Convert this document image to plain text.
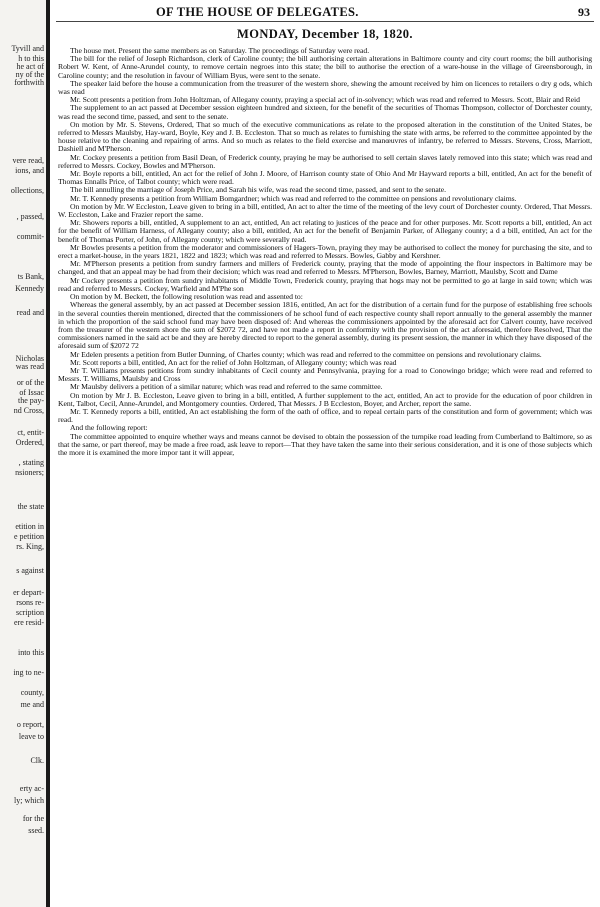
Tyvill and
h to this
he act of
ny of the
forthwith
vere read,
ions, and
ollections,
, passed,
commit-
ts Bank,
Kennedy
read and
Nicholas
was read
or of the
of Issac
the pay-
nd Cross,
ct, entit-
Ordered,
, stating
nsioners;
the state
etition in
e petition
rs. King,
s against
er depart-
rsons re-
scription
ere resid-
into this
ing to ne-
county,
me and
o report,
leave to
Clk.
erty ac-
ly; which
for the
ssed.
OF THE HOUSE OF DELEGATES.	93
MONDAY, December 18, 1820.

The house met. Present the same members as on Saturday. The proceedings of Saturday were read.

The bill for the relief of Joseph Richardson, clerk of Caroline county; the bill authorising certain alterations in Baltimore county and city court rooms; the bill authorising Robert W. Kent, of Anne-Arundel county, to remove certain negroes into this state; the bill to authorise the erection of a ware-house in the village of Greensborough, in Caroline county; and the resolution in favour of William Byus, were sent to the senate.

The speaker laid before the house a communication from the treasurer of the western shore, shewing the amount received by him on licences to retailers o dry g ods, which was read

Mr. Scott presents a petition from John Holtzman, of Allegany county, praying a special act of in-solvency; which was read and referred to Messrs. Scott, Blair and Reid

The supplement to an act passed at December session eighteen hundred and sixteen, for the benefit of the securities of Thomas Thompson, collector of Dorchester county, was read the second time, passed, and sent to the senate.

On motion by Mr. S. Stevens, Ordered, That so much of the executive communications as relate to the proposed alteration in the constitution of the United States, be referred to Messrs Maulsby, Hay-ward, Boyle, Key and J. B. Eccleston. That so much as relates to furnishing the state with arms, be referred to the committee appointed by the house relative to the cleaning and repairing of arms. And so much as relates to the field exercise and manœuvres of infantry, be referred to Messrs. Stevens, Cross, Marriott, Dashiell and M'Pherson.

Mr. Cockey presents a petition from Basil Dean, of Frederick county, praying he may be authorised to sell certain slaves lately removed into this state; which was read and referred to Messrs. Cockey, Bowles and M'Pherson.

Mr. Boyle reports a bill, entitled, An act for the relief of John J. Moore, of Harrison county state of Ohio And Mr Hayward reports a bill, entitled, An act for the benefit of Thomas Ennalls Price, of Talbot county; which were read.

The bill annulling the marriage of Joseph Price, and Sarah his wife, was read the second time, passed, and sent to the senate.

Mr. T. Kennedy presents a petition from William Bomgardner; which was read and referred to the committee on pensions and revolutionary claims.

On motion by Mr. W Eccleston, Leave given to bring in a bill, entitled, An act to alter the time of the meeting of the levy court of Dorchester county. Ordered, That Messrs. W. Eccleston, Lake and Frazier report the same.

Mr. Showers reports a bill, entitled, A supplement to an act, entitled, An act relating to justices of the peace and for other purposes. Mr. Scott reports a bill, entitled, An act for the benefit of William Harness, of Allegany county; also a bill, entitled, An act for the benefit of Benjamin Parker, of Allegany county; a d a bill, entitled, An act for the benefit of Thomas Porter, of John, of Allegany county; which were severally read.

Mr Bowles presents a petition from the moderator and commissioners of Hagers-Town, praying they may be authorised to collect the money for purchasing the site, and to erect a market-house, in the years 1821, 1822 and 1823; which was read and referred to Messrs. Bowles, Gabby and Kershner.

Mr. M'Pherson presents a petition from sundry farmers and millers of Frederick county, praying that the mode of appointing the flour inspectors in Baltimore may be changed, and that an appeal may be had from their decision; which was read and referred to Messrs. M'Pherson, Bowles, Barney, Marriott, Maulsby, Scott and Dame

Mr Cockey presents a petition from sundry inhabitants of Middle Town, Frederick county, praying that hogs may not be permitted to go at large in said town; which was read and referred to Messrs. Cockey, Warfield and M'Phe son

On motion by M. Beckett, the following resolution was read and assented to:

Whereas the general assembly, by an act passed at December session 1816, entitled, An act for the distribution of a certain fund for the purpose of establishing free schools in the several counties therein mentioned, directed that the commissioners of he school fund of each respective county shall report annually to the general assembly the manner in which the proportion of the said school fund may have been disposed of: And whereas the commissioners appointed by the aforesaid act for Calvert county, have received from the treasurer of the western shore the sum of $2072 72, and have not made a report in conformity with the provision of the act aforesaid, therefore Resolved, That the commissioners named in the said act be and they are hereby directed to report to the general assembly, during its present session, the manner in which they have disposed of the aforesaid sum of $2072 72

Mr Edelen presents a petition from Butler Dunning, of Charles county; which was read and referred to the committee on pensions and revolutionary claims.

Mr. Scott reports a bill, entitled, An act for the relief of John Holtzman, of Allegany county; which was read

Mr T. Williams presents petitions from sundry inhabitants of Cecil county and Pennsylvania, praying for a road to Conowingo bridge; which were read and referred to Messrs. T. Williams, Maulsby and Cross

Mr Maulsby delivers a petition of a similar nature; which was read and referred to the same committee.

On motion by Mr J. B. Eccleston, Leave given to bring in a bill, entitled, A further supplement to the act, entitled, An act to provide for the education of poor children in Kent, Talbot, Cecil, Anne-Arundel, and Montgomery counties. Ordered, That Messrs. J B Eccleston, Boyer, and Archer, report the same.

Mr. T. Kennedy reports a bill, entitled, An act establishing the form of the oath of office, and to repeal certain parts of the constitution and form of government; which was read.

And the following report:

The committee appointed to enquire whether ways and means cannot be devised to obtain the possession of the turnpike road leading from Cumberland to Baltimore, so as that the same, or part thereof, may be made a free road, ask leave to report—That they have taken the same into their serious consideration, and it is one of those subjects which the more it is examined the more impor tant it will appear,
